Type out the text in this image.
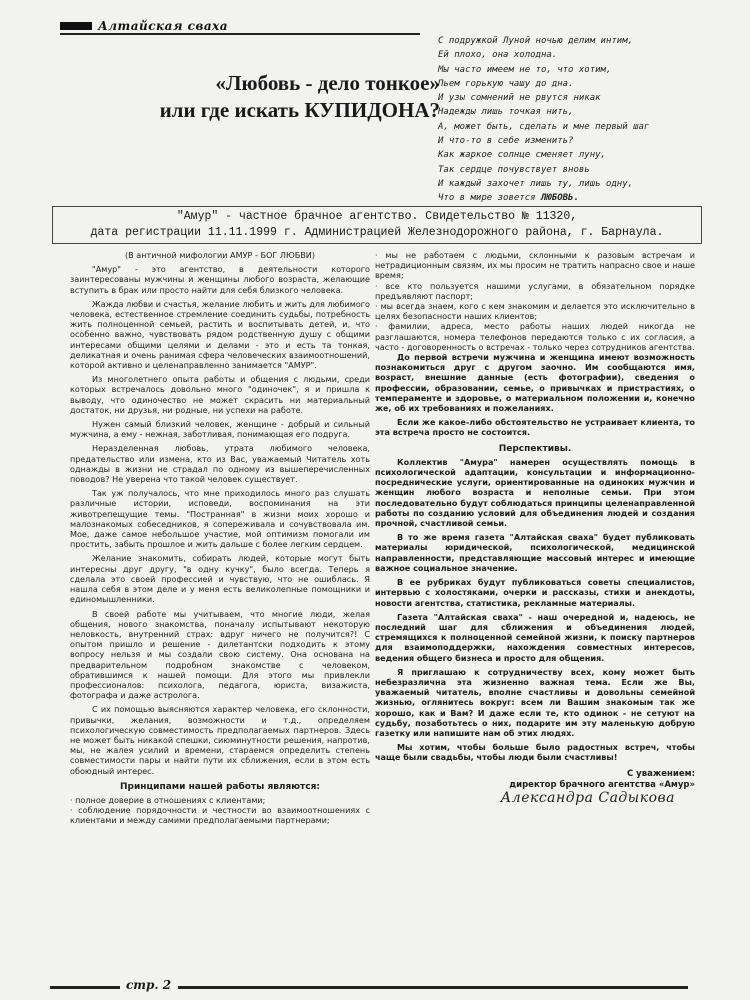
Алтайская сваха
«Любовь - дело тонкое»
или где искать КУПИДОНА?
С подружкой Луной ночью делим интим,
Ей плохо, она холодна.
Мы часто имеем не то, что хотим,
Пьем горькую чашу до дна.
И узы сомнений не рвутся никак
Надежды лишь точкая нить,
А, может быть, сделать и мне первый шаг
И что-то в себе изменить?
Как жаркое солнце сменяет луну,
Так сердце почувствует вновь
И каждый захочет лишь ту, лишь одну,
Что в мире зовется ЛЮБОВЬ.
"Амур" - частное брачное агентство. Свидетельство № 11320,
дата регистрации 11.11.1999 г. Администрацией Железнодорожного района, г. Барнаула.

(В античной мифологии АМУР - БОГ ЛЮБВИ)

"Амур" - это агентство, в деятельности которого заинтересованы мужчины и женщины любого возраста, желающие вступить в брак или просто найти для себя близкого человека.

Жажда любви и счастья, желание любить и жить для любимого человека, естественное стремление соединить судьбы, потребность жить полноценной семьей, растить и воспитывать детей, и, что особенно важно, чувствовать рядом родственную душу с общими интересами общими целями и делами - это и есть та тонкая, деликатная и очень ранимая сфера человеческих взаимоотношений, которой активно и целенаправленно занимается "АМУР".

Из многолетнего опыта работы и общения с людьми, среди которых встречалось довольно много "одиночек", я и пришла к выводу, что одиночество не может скрасить ни материальный достаток, ни друзья, ни родные, ни успехи на работе.

Нужен самый близкий человек, женщине - добрый и сильный мужчина, а ему - нежная, заботливая, понимающая его подруга.

Неразделенная любовь, утрата любимого человека, предательство или измена, кто из Вас, уважаемый Читатель хоть однажды в жизни не страдал по одному из вышеперечисленных поводов? Не уверена что такой человек существует.

Так уж получалось, что мне приходилось много раз слушать различные истории, исповеди, воспоминания на эти животрепещущие темы. "Постранная" в жизни моих хорошо и малознакомых собеседников, я сопереживала и сочувствовала им. Мое, даже самое небольшое участие, мой оптимизм помогали им простить, забыть прошлое и жить дальше с более легким сердцем.

Желание знакомить, собирать людей, которые могут быть интересны друг другу, "в одну кучку", было всегда. Теперь я сделала это своей профессией и чувствую, что не ошиблась. Я нашла себя в этом деле и у меня есть великолепные помощники и единомышленники.

В своей работе мы учитываем, что многие люди, желая общения, нового знакомства, поначалу испытывают некоторую неловкость, внутренний страх: вдруг ничего не получится?! С опытом пришло и решение - дилетантски подходить к этому вопросу нельзя и мы создали свою систему. Она основана на предварительном подробном знакомстве с человеком, обратившимся к нашей помощи. Для этого мы привлекли профессионалов: психолога, педагога, юриста, визажиста, фотографа и даже астролога.

С их помощью выясняются характер человека, его склонности, привычки, желания, возможности и т.д., определяем психологическую совместимость предполагаемых партнеров. Здесь не может быть никакой спешки, сиюминутности решения, напротив, мы, не жалея усилий и времени, стараемся определить степень совместимости пары и найти пути их сближения, если в этом есть обоюдный интерес.

Принципами нашей работы являются:

· полное доверие в отношениях с клиентами;

· соблюдение порядочности и честности во взаимоотношениях с клиентами и между самими предполагаемыми партнерами;

· мы не работаем с людьми, склонными к разовым встречам и нетрадиционным связям, их мы просим не тратить напрасно свое и наше время;

· все кто пользуется нашими услугами, в обязательном порядке предъявляют паспорт;

· мы всегда знаем, кого с кем знакомим и делается это исключительно в целях безопасности наших клиентов;

· фамилии, адреса, место работы наших людей никогда не разглашаются, номера телефонов передаются только с их согласия, а часто - договоренность о встречах - только через сотрудников агентства.

До первой встречи мужчина и женщина имеют возможность познакомиться друг с другом заочно. Им сообщаются имя, возраст, внешние данные (есть фотографии), сведения о профессии, образовании, семье, о привычках и пристрастиях, о темпераменте и здоровье, о материальном положении и, конечно же, об их требованиях и пожеланиях.

Если же какое-либо обстоятельство не устраивает клиента, то эта встреча просто не состоится.

Перспективы.

Коллектив "Амура" намерен осуществлять помощь в психологической адаптации, консультации и информационно-посреднические услуги, ориентированные на одиноких мужчин и женщин любого возраста и неполные семьи. При этом последовательно будут соблюдаться принципы целенаправленной работы по созданию условий для объединения людей и создания прочной, счастливой семьи.

В то же время газета "Алтайская сваха" будет публиковать материалы юридической, психологической, медицинской направленности, представляющие массовый интерес и имеющие важное социальное значение.

В ее рубриках будут публиковаться советы специалистов, интервью с холостяками, очерки и рассказы, стихи и анекдоты, новости агентства, статистика, рекламные материалы.

Газета "Алтайская сваха" - наш очередной и, надеюсь, не последний шаг для сближения и объединения людей, стремящихся к полноценной семейной жизни, к поиску партнеров для взаимоподдержки, нахождения совместных интересов, ведения общего бизнеса и просто для общения.

Я приглашаю к сотрудничеству всех, кому может быть небезразлична эта жизненно важная тема. Если же Вы, уважаемый читатель, вполне счастливы и довольны семейной жизнью, оглянитесь вокруг: всем ли Вашим знакомым так же хорошо, как и Вам? И даже если те, кто одинок - не сетуют на судьбу, позаботьтесь о них, подарите им эту маленькую добрую газетку или напишите нам об этих людях.

Мы хотим, чтобы больше было радостных встреч, чтобы чаще были свадьбы, чтобы люди были счастливы!

С уважением:
директор брачного агентства «Амур»
Александра Садыкова
стр. 2
